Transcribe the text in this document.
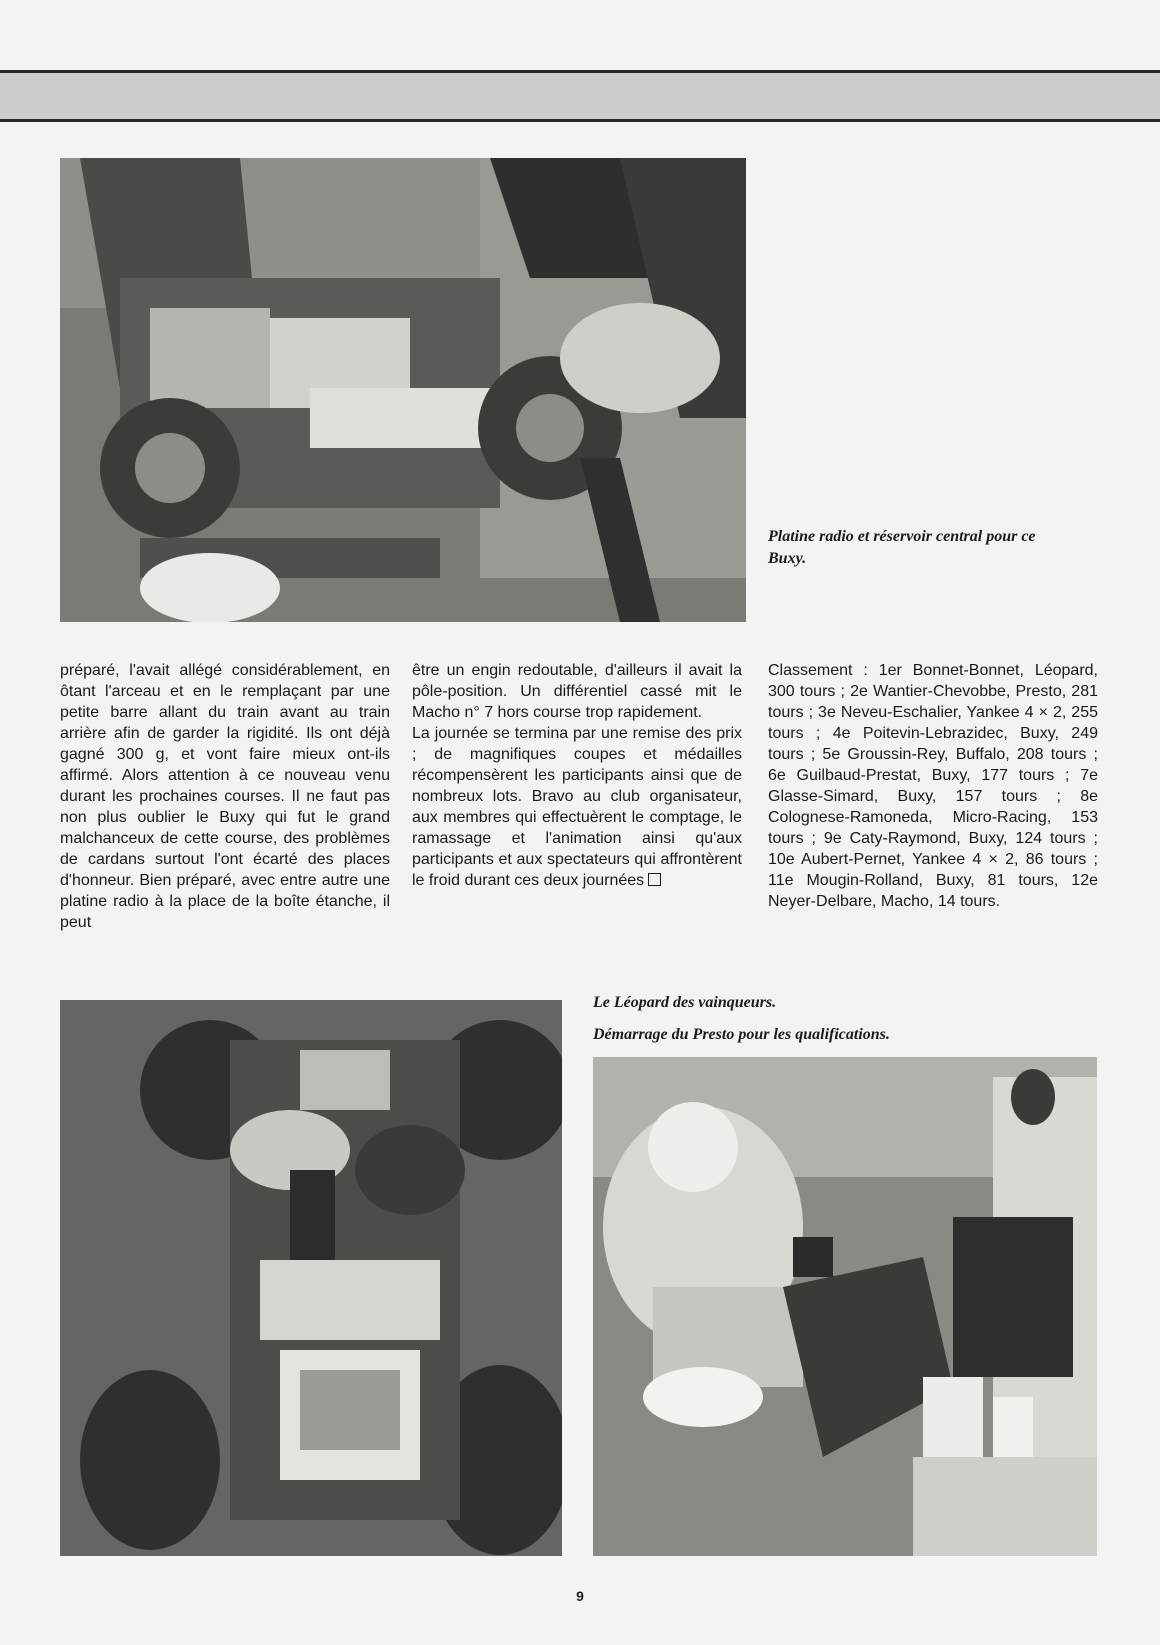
Platine radio et réservoir central pour ce Buxy.

préparé, l'avait allégé considérablement, en ôtant l'arceau et en le remplaçant par une petite barre allant du train avant au train arrière afin de garder la rigidité. Ils ont déjà gagné 300 g, et vont faire mieux ont-ils affirmé. Alors attention à ce nouveau venu durant les prochaines courses. Il ne faut pas non plus oublier le Buxy qui fut le grand malchanceux de cette course, des problèmes de cardans surtout l'ont écarté des places d'honneur. Bien préparé, avec entre autre une platine radio à la place de la boîte étanche, il peut

être un engin redoutable, d'ailleurs il avait la pôle-position. Un différentiel cassé mit le Macho n° 7 hors course trop rapidement.

La journée se termina par une remise des prix ; de magnifiques coupes et médailles récompensèrent les participants ainsi que de nombreux lots. Bravo au club organisateur, aux membres qui effectuèrent le comptage, le ramassage et l'animation ainsi qu'aux participants et aux spectateurs qui affrontèrent le froid durant ces deux journées

Classement : 1er Bonnet-Bonnet, Léopard, 300 tours ; 2e Wantier-Chevobbe, Presto, 281 tours ; 3e Neveu-Eschalier, Yankee 4 × 2, 255 tours ; 4e Poitevin-Lebrazidec, Buxy, 249 tours ; 5e Groussin-Rey, Buffalo, 208 tours ; 6e Guilbaud-Prestat, Buxy, 177 tours ; 7e Glasse-Simard, Buxy, 157 tours ; 8e Colognese-Ramoneda, Micro-Racing, 153 tours ; 9e Caty-Raymond, Buxy, 124 tours ; 10e Aubert-Pernet, Yankee 4 × 2, 86 tours ; 11e Mougin-Rolland, Buxy, 81 tours, 12e Neyer-Delbare, Macho, 14 tours.

Le Léopard des vainqueurs.
Démarrage du Presto pour les qualifications.
9
